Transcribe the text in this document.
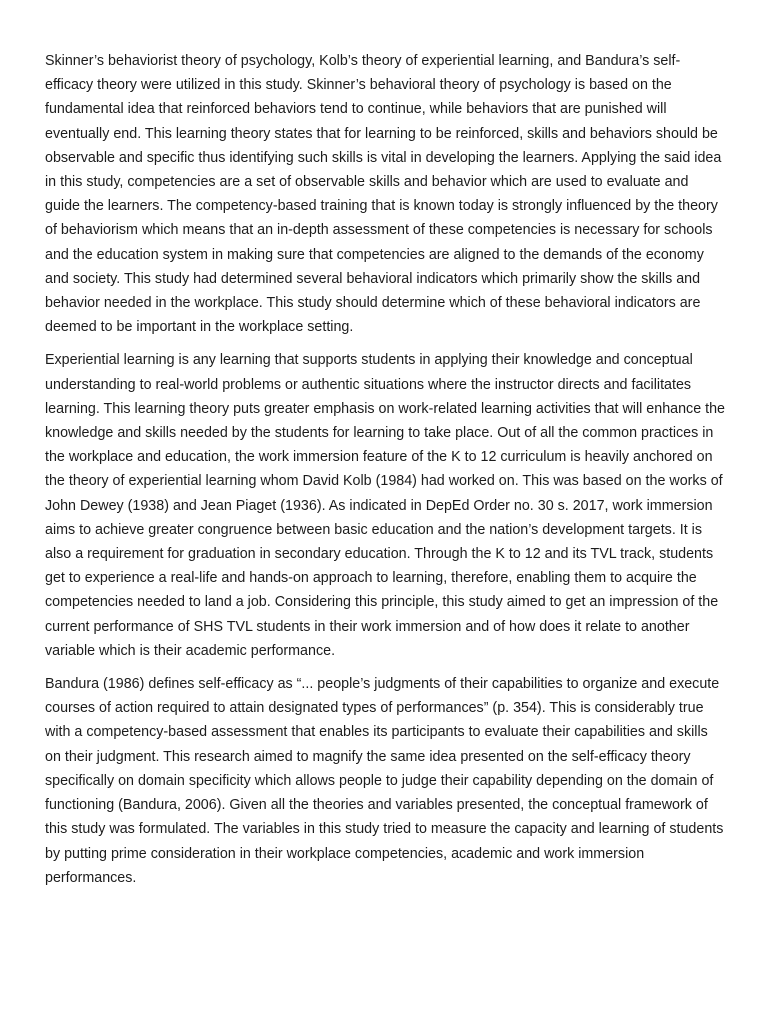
Skinner’s behaviorist theory of psychology, Kolb’s theory of experiential learning, and Bandura’s self-efficacy theory were utilized in this study. Skinner’s behavioral theory of psychology is based on the fundamental idea that reinforced behaviors tend to continue, while behaviors that are punished will eventually end. This learning theory states that for learning to be reinforced, skills and behaviors should be observable and specific thus identifying such skills is vital in developing the learners. Applying the said idea in this study, competencies are a set of observable skills and behavior which are used to evaluate and guide the learners. The competency-based training that is known today is strongly influenced by the theory of behaviorism which means that an in-depth assessment of these competencies is necessary for schools and the education system in making sure that competencies are aligned to the demands of the economy and society. This study had determined several behavioral indicators which primarily show the skills and behavior needed in the workplace. This study should determine which of these behavioral indicators are deemed to be important in the workplace setting.

Experiential learning is any learning that supports students in applying their knowledge and conceptual understanding to real-world problems or authentic situations where the instructor directs and facilitates learning. This learning theory puts greater emphasis on work-related learning activities that will enhance the knowledge and skills needed by the students for learning to take place. Out of all the common practices in the workplace and education, the work immersion feature of the K to 12 curriculum is heavily anchored on the theory of experiential learning whom David Kolb (1984) had worked on. This was based on the works of John Dewey (1938) and Jean Piaget (1936). As indicated in DepEd Order no. 30 s. 2017, work immersion aims to achieve greater congruence between basic education and the nation’s development targets. It is also a requirement for graduation in secondary education. Through the K to 12 and its TVL track, students get to experience a real-life and hands-on approach to learning, therefore, enabling them to acquire the competencies needed to land a job. Considering this principle, this study aimed to get an impression of the current performance of SHS TVL students in their work immersion and of how does it relate to another variable which is their academic performance.

Bandura (1986) defines self-efficacy as “... people’s judgments of their capabilities to organize and execute courses of action required to attain designated types of performances” (p. 354). This is considerably true with a competency-based assessment that enables its participants to evaluate their capabilities and skills on their judgment. This research aimed to magnify the same idea presented on the self-efficacy theory specifically on domain specificity which allows people to judge their capability depending on the domain of functioning (Bandura, 2006). Given all the theories and variables presented, the conceptual framework of this study was formulated. The variables in this study tried to measure the capacity and learning of students by putting prime consideration in their workplace competencies, academic and work immersion performances.
